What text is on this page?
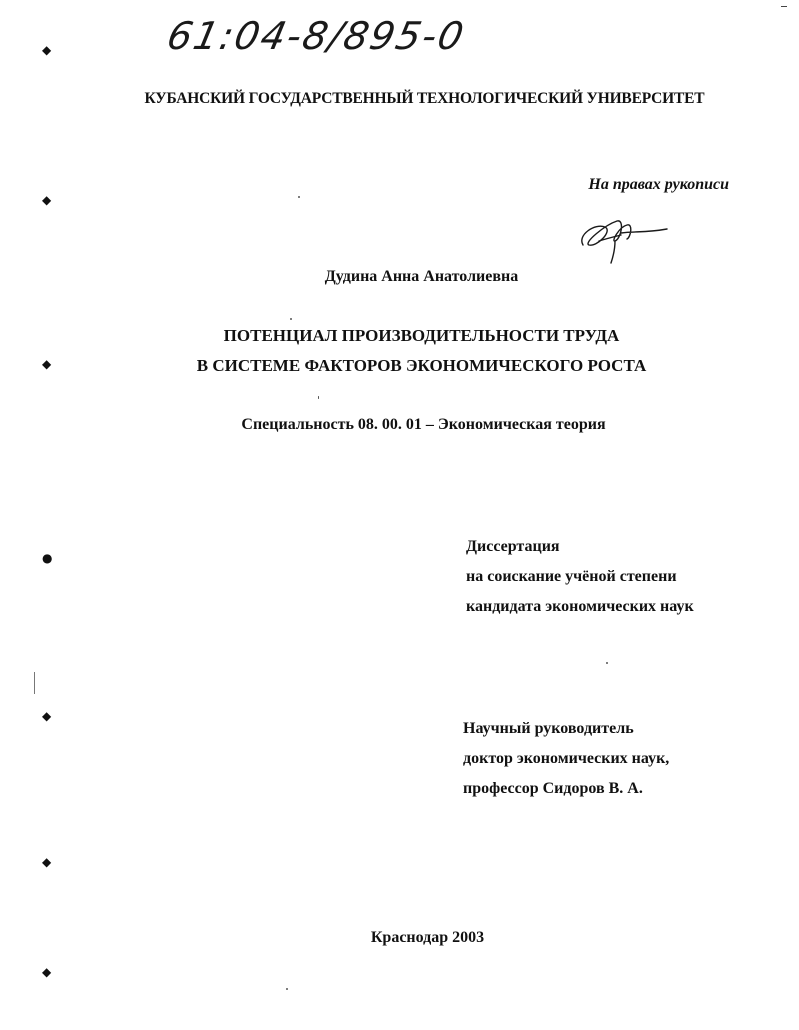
61:04-8/895-0
КУБАНСКИЙ ГОСУДАРСТВЕННЫЙ ТЕХНОЛОГИЧЕСКИЙ УНИВЕРСИТЕТ
На правах рукописи
Дудина Анна Анатолиевна
ПОТЕНЦИАЛ ПРОИЗВОДИТЕЛЬНОСТИ ТРУДА
В СИСТЕМЕ ФАКТОРОВ ЭКОНОМИЧЕСКОГО РОСТА
Специальность 08. 00. 01 – Экономическая теория
Диссертация
на соискание учёной степени
кандидата экономических наук
Научный руководитель
доктор экономических наук,
профессор Сидоров В. А.
Краснодар 2003
◆
◆
◆
●
◆
◆
◆
